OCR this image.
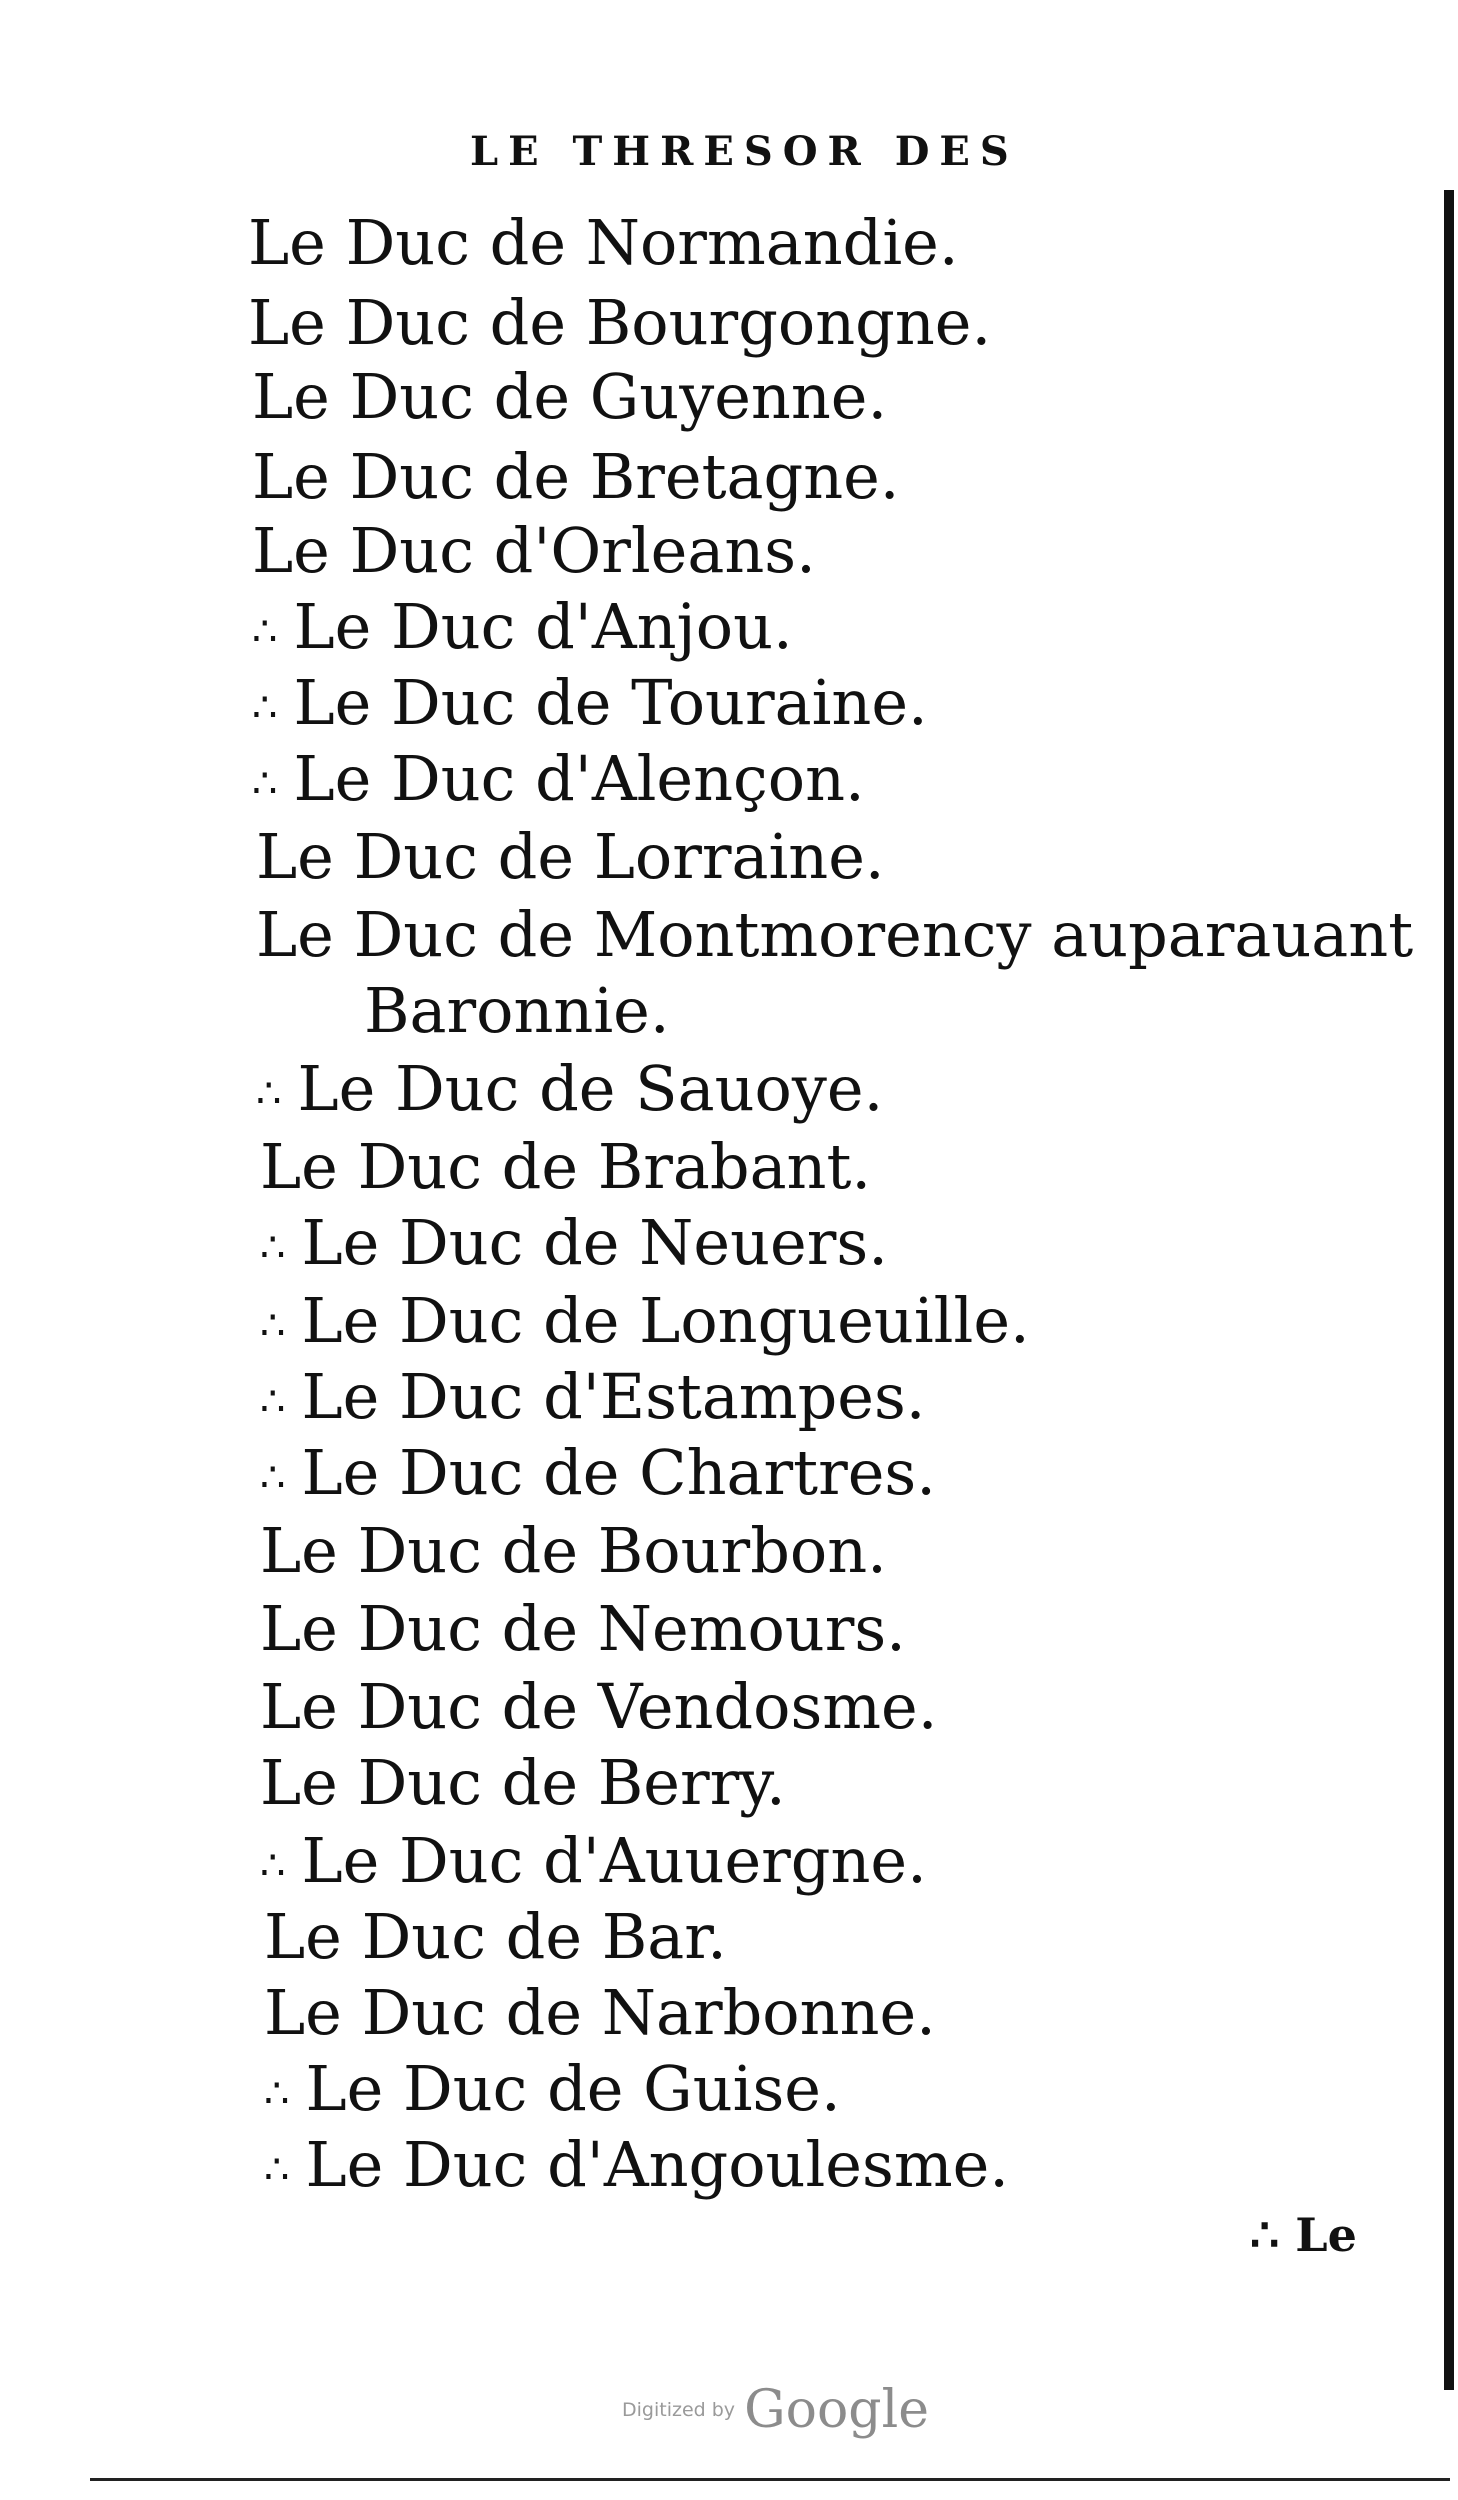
LE THRESOR DES
Le Duc de Normandie.
Le Duc de Bourgongne.
Le Duc de Guyenne.
Le Duc de Bretagne.
Le Duc d'Orleans.
∴ Le Duc d'Anjou.
∴ Le Duc de Touraine.
∴ Le Duc d'Alençon.
Le Duc de Lorraine.
Le Duc de Montmorency auparauant
Baronnie.
∴ Le Duc de Sauoye.
Le Duc de Brabant.
∴ Le Duc de Neuers.
∴ Le Duc de Longueuille.
∴ Le Duc d'Estampes.
∴ Le Duc de Chartres.
Le Duc de Bourbon.
Le Duc de Nemours.
Le Duc de Vendosme.
Le Duc de Berry.
∴ Le Duc d'Auuergne.
Le Duc de Bar.
Le Duc de Narbonne.
∴ Le Duc de Guise.
∴ Le Duc d'Angoulesme.
∴ Le
Digitized by Google
